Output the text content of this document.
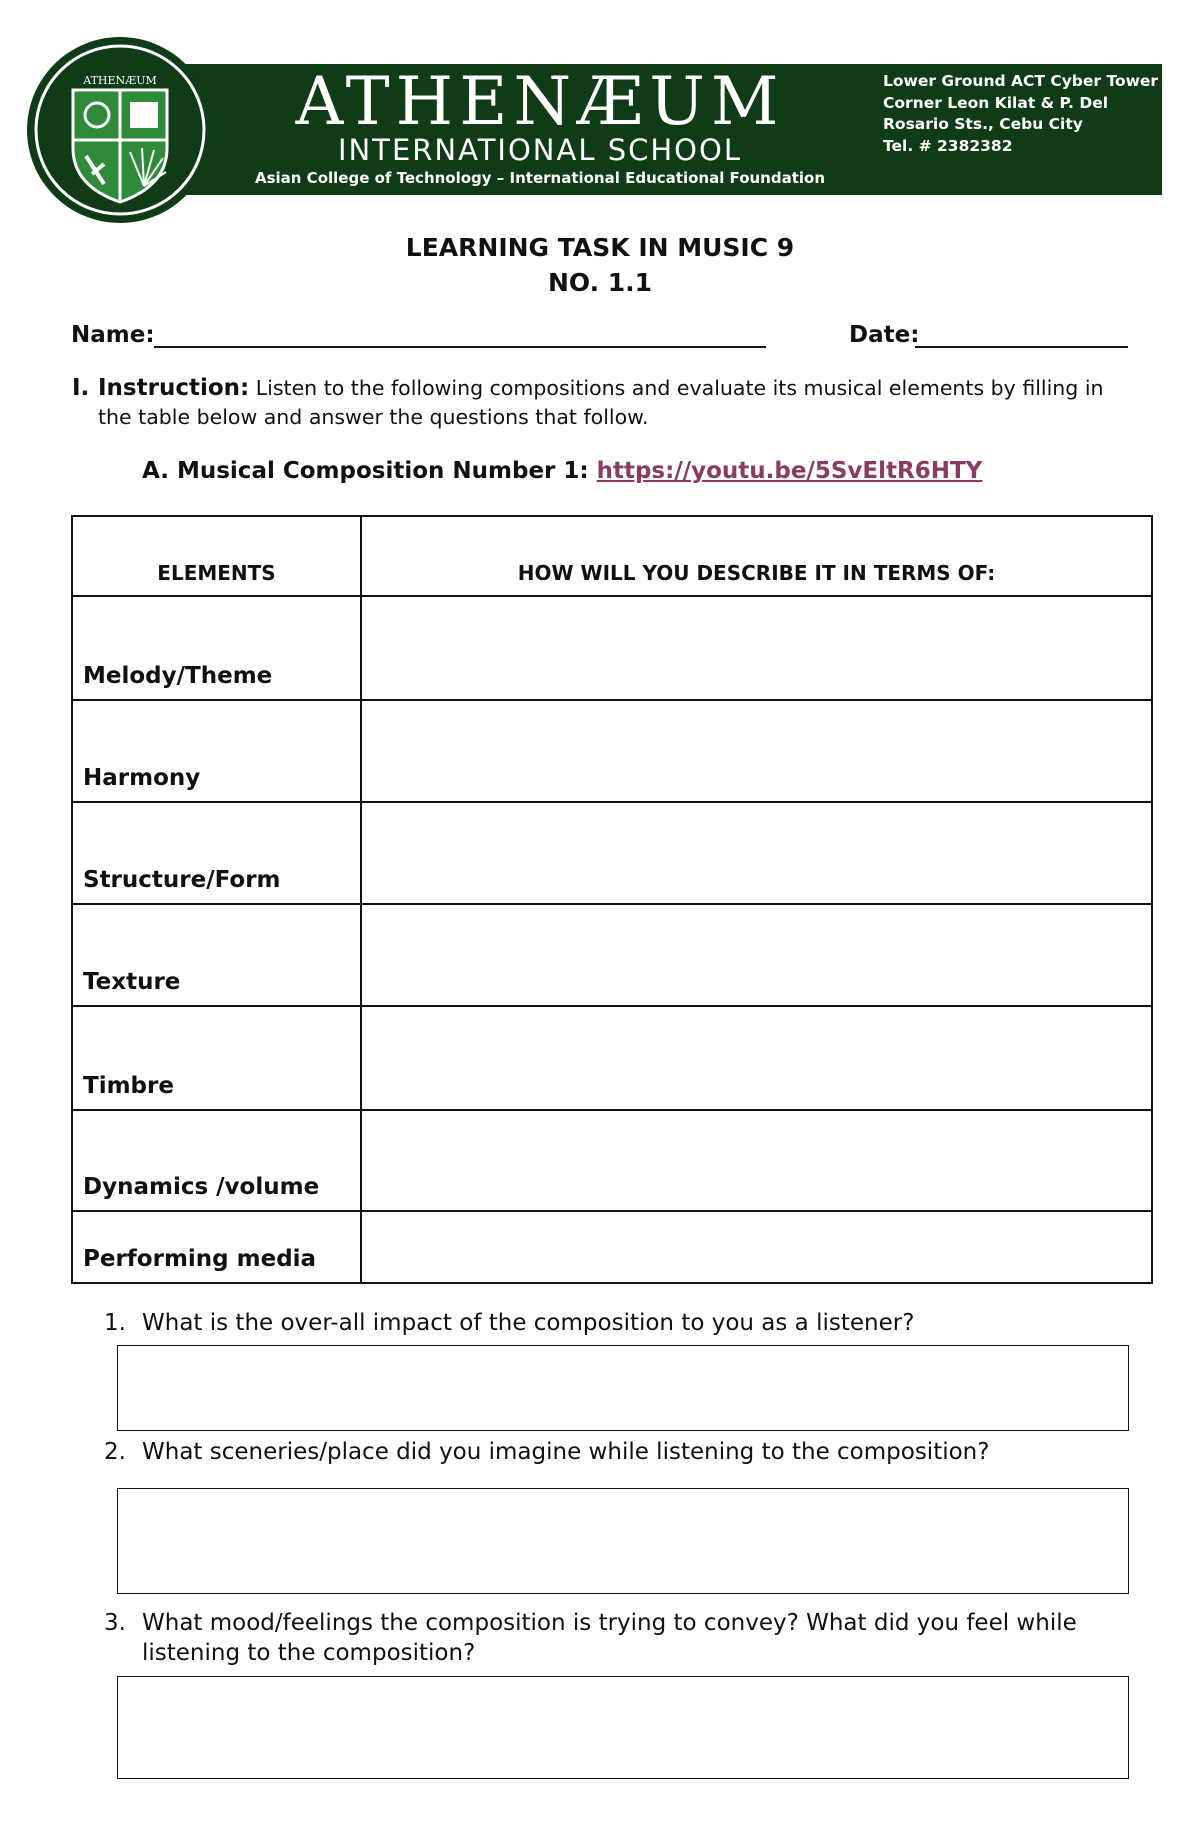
ATHENÆUM	ATHENÆUM
INTERNATIONAL SCHOOL
Asian College of Technology – International Educational Foundation
Lower Ground ACT Cyber Tower
Corner Leon Kilat & P. Del
Rosario Sts., Cebu City
Tel. # 2382382
LEARNING TASK IN MUSIC 9
NO. 1.1
Name:	Date:
I. Instruction: Listen to the following compositions and evaluate its musical elements by filling in the table below and answer the questions that follow.
A. Musical Composition Number 1: https://youtu.be/5SvEltR6HTY
ELEMENTS	HOW WILL YOU DESCRIBE IT IN TERMS OF:
Melody/Theme	
Harmony	
Structure/Form	
Texture	
Timbre	
Dynamics /volume	
Performing media	
1. What is the over-all impact of the composition to you as a listener?
2. What sceneries/place did you imagine while listening to the composition?
3. What mood/feelings the composition is trying to convey? What did you feel while listening to the composition?
